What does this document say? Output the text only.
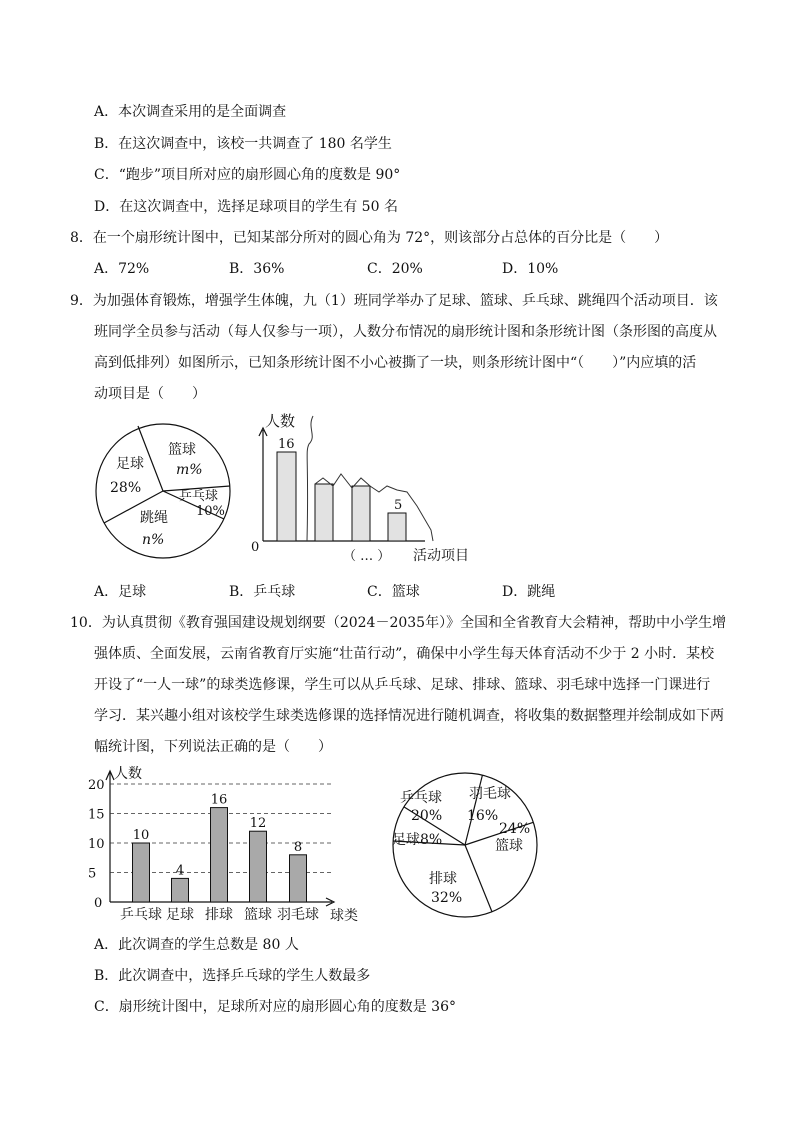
A．本次调查采用的是全面调查
B．在这次调查中，该校一共调查了 180 名学生
C．“跑步”项目所对应的扇形圆心角的度数是 90°
D．在这次调查中，选择足球项目的学生有 50 名
8．在一个扇形统计图中，已知某部分所对的圆心角为 72°，则该部分占总体的百分比是（　　）
A．72%	B．36%	C．20%	D．10%
9．为加强体育锻炼，增强学生体魄，九（1）班同学举办了足球、篮球、乒乓球、跳绳四个活动项目．该
班同学全员参与活动（每人仅参与一项），人数分布情况的扇形统计图和条形统计图（条形图的高度从
高到低排列）如图所示，已知条形统计图不小心被撕了一块，则条形统计图中“（　　）”内应填的活
动项目是（　　）
篮球
m%
足球
28%
乒乓球
10%
跳绳
n%
人数
0
16
5
（ … ） 活动项目
A．足球	B．乒乓球	C．篮球	D．跳绳
10．为认真贯彻《教育强国建设规划纲要（2024－2035年）》全国和全省教育大会精神，帮助中小学生增
强体质、全面发展，云南省教育厅实施“壮苗行动”，确保中小学生每天体育活动不少于 2 小时．某校
开设了“一人一球”的球类选修课，学生可以从乒乓球、足球、排球、篮球、羽毛球中选择一门课进行
学习．某兴趣小组对该校学生球类选修课的选择情况进行随机调查，将收集的数据整理并绘制成如下两
幅统计图，下列说法正确的是（　　）
人数
球类
0
5
10
15
20
10
4
16
12
8
乒乓球 足球 排球 篮球 羽毛球
乒乓球
20%
羽毛球
16%
24%
篮球
排球
32%
足球8%
A．此次调查的学生总数是 80 人
B．此次调查中，选择乒乓球的学生人数最多
C．扇形统计图中，足球所对应的扇形圆心角的度数是 36°
